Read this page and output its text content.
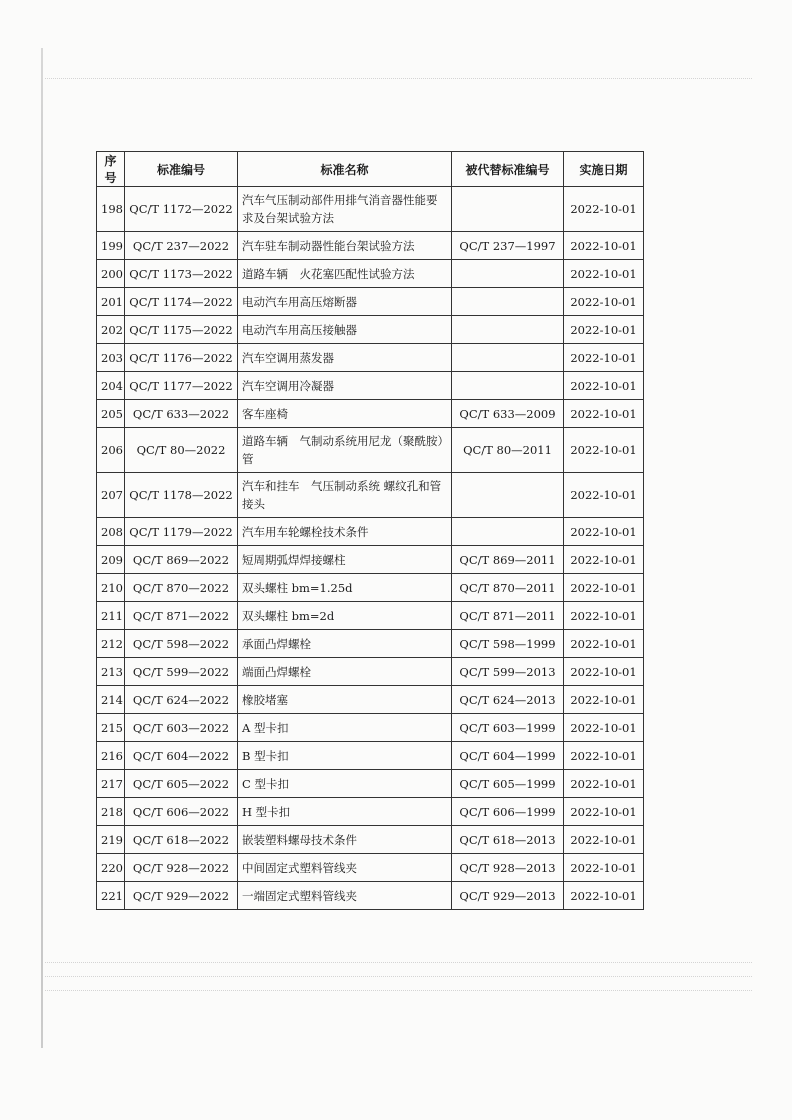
序号	标准编号	标准名称	被代替标准编号	实施日期
198	QC/T 1172—2022	汽车气压制动部件用排气消音器性能要求及台架试验方法		2022-10-01
199	QC/T 237—2022	汽车驻车制动器性能台架试验方法	QC/T 237—1997	2022-10-01
200	QC/T 1173—2022	道路车辆　火花塞匹配性试验方法		2022-10-01
201	QC/T 1174—2022	电动汽车用高压熔断器		2022-10-01
202	QC/T 1175—2022	电动汽车用高压接触器		2022-10-01
203	QC/T 1176—2022	汽车空调用蒸发器		2022-10-01
204	QC/T 1177—2022	汽车空调用冷凝器		2022-10-01
205	QC/T 633—2022	客车座椅	QC/T 633—2009	2022-10-01
206	QC/T 80—2022	道路车辆　气制动系统用尼龙（聚酰胺）管	QC/T 80—2011	2022-10-01
207	QC/T 1178—2022	汽车和挂车　气压制动系统 螺纹孔和管接头		2022-10-01
208	QC/T 1179—2022	汽车用车轮螺栓技术条件		2022-10-01
209	QC/T 869—2022	短周期弧焊焊接螺柱	QC/T 869—2011	2022-10-01
210	QC/T 870—2022	双头螺柱 bm=1.25d	QC/T 870—2011	2022-10-01
211	QC/T 871—2022	双头螺柱 bm=2d	QC/T 871—2011	2022-10-01
212	QC/T 598—2022	承面凸焊螺栓	QC/T 598—1999	2022-10-01
213	QC/T 599—2022	端面凸焊螺栓	QC/T 599—2013	2022-10-01
214	QC/T 624—2022	橡胶堵塞	QC/T 624—2013	2022-10-01
215	QC/T 603—2022	A 型卡扣	QC/T 603—1999	2022-10-01
216	QC/T 604—2022	B 型卡扣	QC/T 604—1999	2022-10-01
217	QC/T 605—2022	C 型卡扣	QC/T 605—1999	2022-10-01
218	QC/T 606—2022	H 型卡扣	QC/T 606—1999	2022-10-01
219	QC/T 618—2022	嵌装塑料螺母技术条件	QC/T 618—2013	2022-10-01
220	QC/T 928—2022	中间固定式塑料管线夹	QC/T 928—2013	2022-10-01
221	QC/T 929—2022	一端固定式塑料管线夹	QC/T 929—2013	2022-10-01
